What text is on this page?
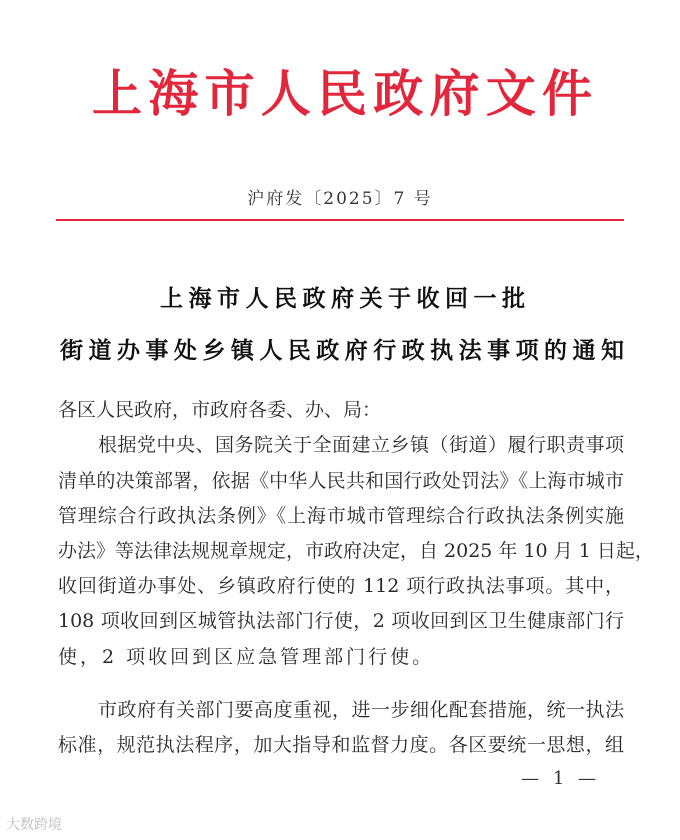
上海市人民政府文件
沪府发〔2025〕7 号
上海市人民政府关于收回一批
街道办事处乡镇人民政府行政执法事项的通知
各区人民政府，市政府各委、办、局：
根据党中央、国务院关于全面建立乡镇（街道）履行职责事项
清单的决策部署，依据《中华人民共和国行政处罚法》《上海市城市
管理综合行政执法条例》《上海市城市管理综合行政执法条例实施
办法》等法律法规规章规定，市政府决定，自 2025 年 10 月 1 日起，
收回街道办事处、乡镇政府行使的 112 项行政执法事项。其中，
108 项收回到区城管执法部门行使，2 项收回到区卫生健康部门行
使，2 项收回到区应急管理部门行使。
市政府有关部门要高度重视，进一步细化配套措施，统一执法
标准，规范执法程序，加大指导和监督力度。各区要统一思想，组
— 1 —
大数跨境
